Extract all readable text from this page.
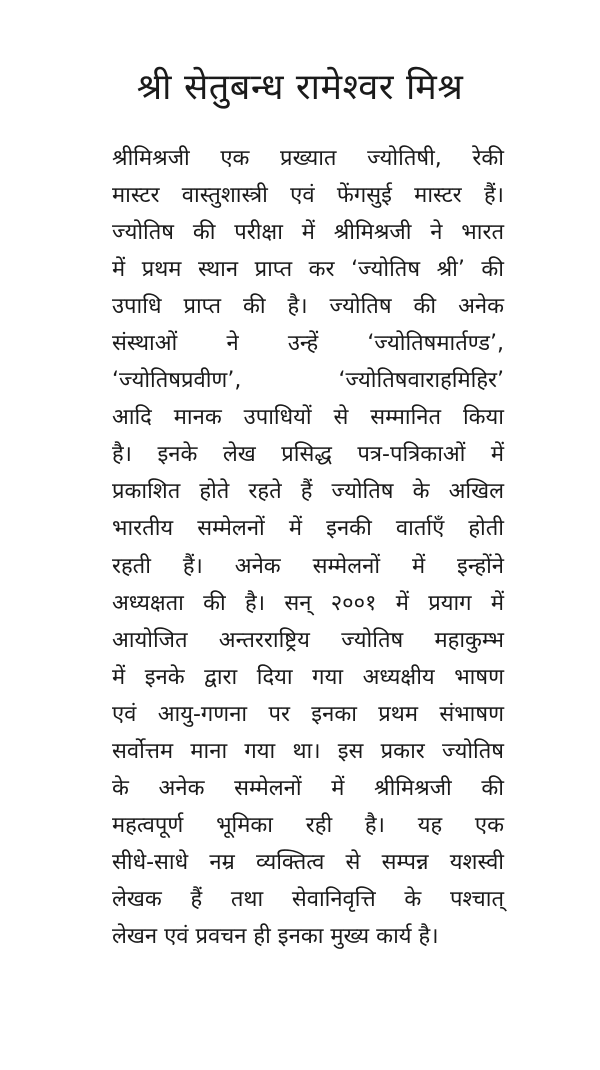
श्री सेतुबन्ध रामेश्वर मिश्र
श्रीमिश्रजी एक प्रख्यात ज्योतिषी, रेकी
मास्टर वास्तुशास्त्री एवं फेंगसुई मास्टर हैं।
ज्योतिष की परीक्षा में श्रीमिश्रजी ने भारत
में प्रथम स्थान प्राप्त कर ‘ज्योतिष श्री’ की
उपाधि प्राप्त की है। ज्योतिष की अनेक
संस्थाओं ने उन्हें ‘ज्योतिषमार्तण्ड’,
‘ज्योतिषप्रवीण’, ‘ज्योतिषवाराहमिहिर’
आदि मानक उपाधियों से सम्मानित किया
है। इनके लेख प्रसिद्ध पत्र-पत्रिकाओं में
प्रकाशित होते रहते हैं ज्योतिष के अखिल
भारतीय सम्मेलनों में इनकी वार्ताएँ होती
रहती हैं। अनेक सम्मेलनों में इन्होंने
अध्यक्षता की है। सन् २००१ में प्रयाग में
आयोजित अन्तरराष्ट्रिय ज्योतिष महाकुम्भ
में इनके द्वारा दिया गया अध्यक्षीय भाषण
एवं आयु-गणना पर इनका प्रथम संभाषण
सर्वोत्तम माना गया था। इस प्रकार ज्योतिष
के अनेक सम्मेलनों में श्रीमिश्रजी की
महत्वपूर्ण भूमिका रही है। यह एक
सीधे-साधे नम्र व्यक्तित्व से सम्पन्न यशस्वी
लेखक हैं तथा सेवानिवृत्ति के पश्चात्
लेखन एवं प्रवचन ही इनका मुख्य कार्य है।
